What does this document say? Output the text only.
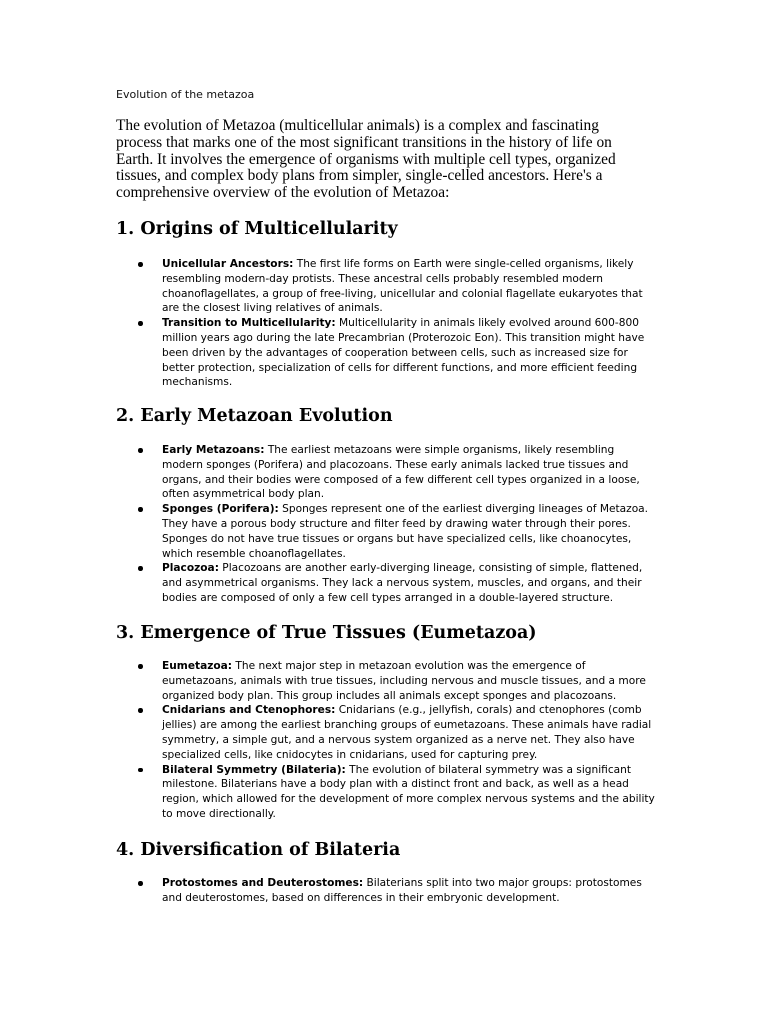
Evolution of the metazoa

The evolution of Metazoa (multicellular animals) is a complex and fascinating process that marks one of the most significant transitions in the history of life on Earth. It involves the emergence of organisms with multiple cell types, organized tissues, and complex body plans from simpler, single-celled ancestors. Here's a comprehensive overview of the evolution of Metazoa:

1. Origins of Multicellularity
Unicellular Ancestors: The first life forms on Earth were single-celled organisms, likely resembling modern-day protists. These ancestral cells probably resembled modern choanoflagellates, a group of free-living, unicellular and colonial flagellate eukaryotes that are the closest living relatives of animals.
Transition to Multicellularity: Multicellularity in animals likely evolved around 600-800 million years ago during the late Precambrian (Proterozoic Eon). This transition might have been driven by the advantages of cooperation between cells, such as increased size for better protection, specialization of cells for different functions, and more efficient feeding mechanisms.
2. Early Metazoan Evolution
Early Metazoans: The earliest metazoans were simple organisms, likely resembling modern sponges (Porifera) and placozoans. These early animals lacked true tissues and organs, and their bodies were composed of a few different cell types organized in a loose, often asymmetrical body plan.
Sponges (Porifera): Sponges represent one of the earliest diverging lineages of Metazoa. They have a porous body structure and filter feed by drawing water through their pores. Sponges do not have true tissues or organs but have specialized cells, like choanocytes, which resemble choanoflagellates.
Placozoa: Placozoans are another early-diverging lineage, consisting of simple, flattened, and asymmetrical organisms. They lack a nervous system, muscles, and organs, and their bodies are composed of only a few cell types arranged in a double-layered structure.
3. Emergence of True Tissues (Eumetazoa)
Eumetazoa: The next major step in metazoan evolution was the emergence of eumetazoans, animals with true tissues, including nervous and muscle tissues, and a more organized body plan. This group includes all animals except sponges and placozoans.
Cnidarians and Ctenophores: Cnidarians (e.g., jellyfish, corals) and ctenophores (comb jellies) are among the earliest branching groups of eumetazoans. These animals have radial symmetry, a simple gut, and a nervous system organized as a nerve net. They also have specialized cells, like cnidocytes in cnidarians, used for capturing prey.
Bilateral Symmetry (Bilateria): The evolution of bilateral symmetry was a significant milestone. Bilaterians have a body plan with a distinct front and back, as well as a head region, which allowed for the development of more complex nervous systems and the ability to move directionally.
4. Diversification of Bilateria
Protostomes and Deuterostomes: Bilaterians split into two major groups: protostomes and deuterostomes, based on differences in their embryonic development.
